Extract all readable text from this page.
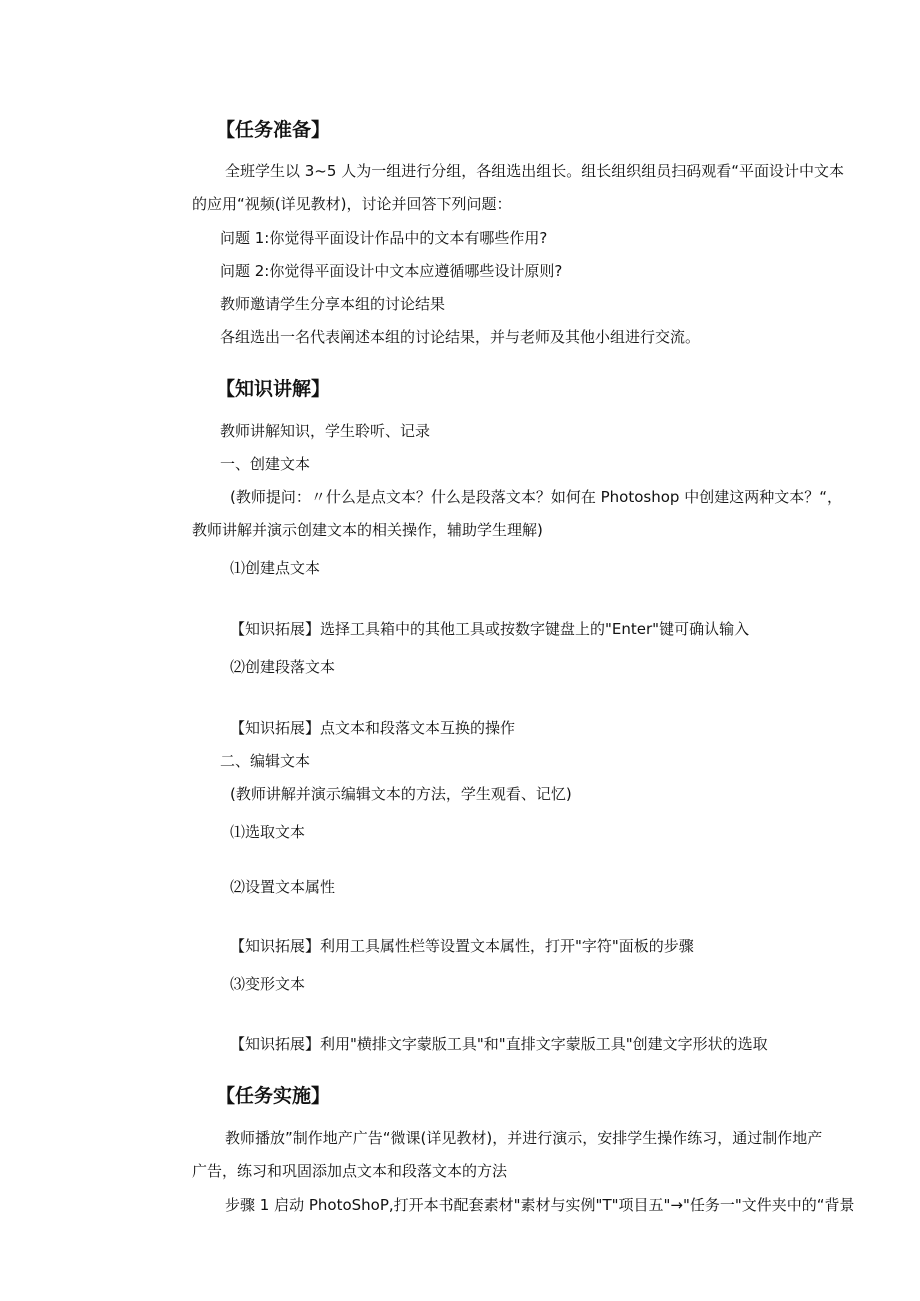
【任务准备】
全班学生以 3~5 人为一组进行分组，各组选出组长。组长组织组员扫码观看“平面设计中文本
的应用“视频(详见教材)，讨论并回答下列问题：
问题 1:你觉得平面设计作品中的文本有哪些作用?
问题 2:你觉得平面设计中文本应遵循哪些设计原则?
教师邀请学生分享本组的讨论结果
各组选出一名代表阐述本组的讨论结果，并与老师及其他小组进行交流。
【知识讲解】
教师讲解知识，学生聆听、记录
一、创建文本
(教师提问：〃什么是点文本？什么是段落文本？如何在 Photoshop 中创建这两种文本？“，
教师讲解并演示创建文本的相关操作，辅助学生理解)
⑴创建点文本
【知识拓展】选择工具箱中的其他工具或按数字键盘上的"Enter"键可确认输入
⑵创建段落文本
【知识拓展】点文本和段落文本互换的操作
二、编辑文本
(教师讲解并演示编辑文本的方法，学生观看、记忆)
⑴选取文本
⑵设置文本属性
【知识拓展】利用工具属性栏等设置文本属性，打开"字符"面板的步骤
⑶变形文本
【知识拓展】利用"横排文字蒙版工具"和"直排文字蒙版工具"创建文字形状的选取
【任务实施】
教师播放”制作地产广告“微课(详见教材)，并进行演示，安排学生操作练习，通过制作地产
广告，练习和巩固添加点文本和段落文本的方法
步骤 1 启动 PhotoShoP,打开本书配套素材"素材与实例"T"项目五"→"任务一"文件夹中的“背景
